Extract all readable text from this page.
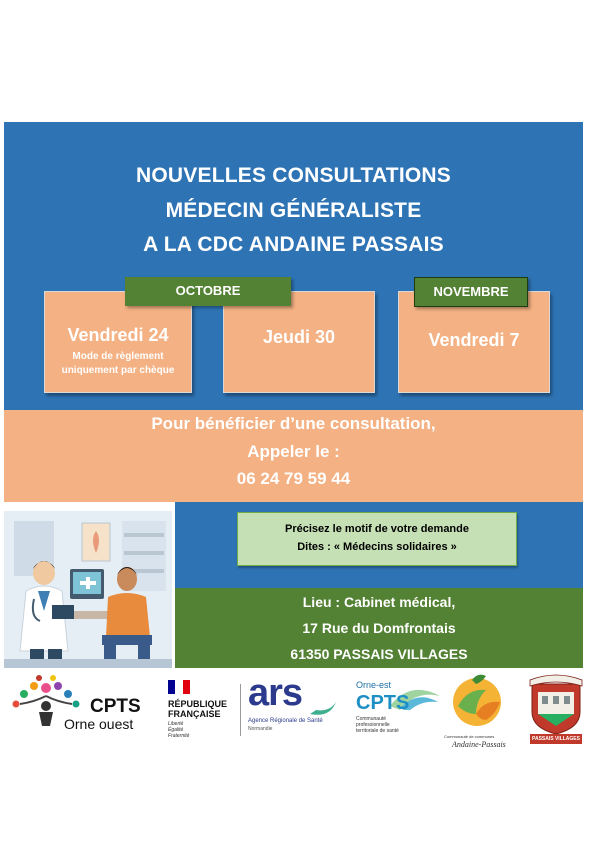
NOUVELLES CONSULTATIONS
MÉDECIN GÉNÉRALISTE
A LA CDC ANDAINE PASSAIS
Vendredi 24
Mode de règlement
uniquement par chèque
Jeudi 30	Vendredi 7
OCTOBRE	NOVEMBRE
Pour bénéficier d’une consultation,
Appeler le :
06 24 79 59 44
Précisez le motif de votre demande
Dites : « Médecins solidaires »
Lieu : Cabinet médical,
17 Rue du Domfrontais
61350 PASSAIS VILLAGES
CPTS
Orne ouest
RÉPUBLIQUE
FRANÇAISE
Liberté
Égalité
Fraternité
ars
Agence Régionale de Santé
Normandie
Orne-est
CPTS
Communauté
professionnelle
territoriale de santé
Communauté de communes
Andaine-Passais
PASSAIS VILLAGES
